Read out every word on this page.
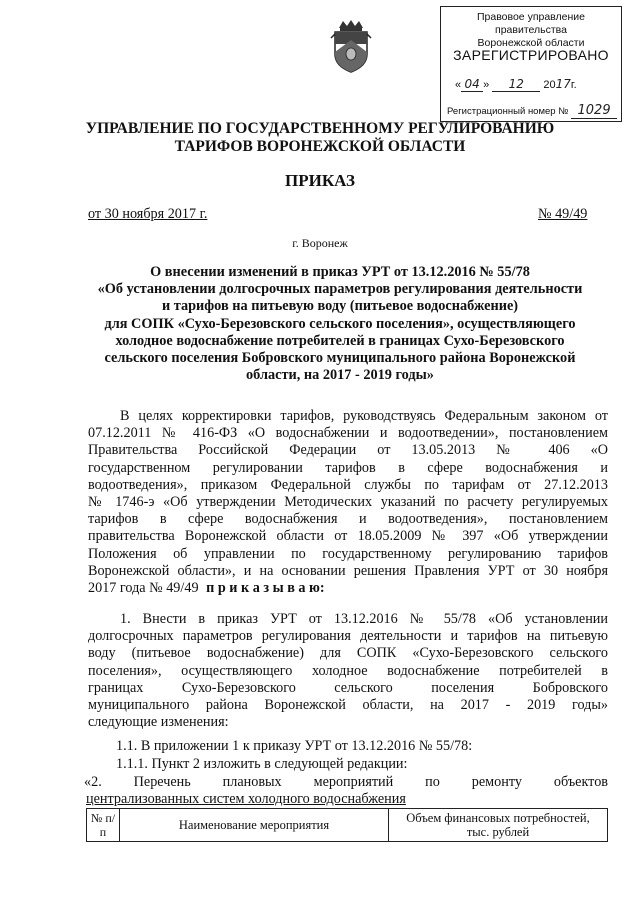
Правовое управление правительства
Воронежской области
ЗАРЕГИСТРИРОВАНО
« 04 » 12 2017г.
Регистрационный номер № 1029
УПРАВЛЕНИЕ ПО ГОСУДАРСТВЕННОМУ РЕГУЛИРОВАНИЮ
ТАРИФОВ ВОРОНЕЖСКОЙ ОБЛАСТИ
ПРИКАЗ
от 30 ноября 2017 г.	№ 49/49
г. Воронеж
О внесении изменений в приказ УРТ от 13.12.2016 № 55/78
«Об установлении долгосрочных параметров регулирования деятельности
и тарифов на питьевую воду (питьевое водоснабжение)
для СОПК «Сухо-Березовского сельского поселения», осуществляющего
холодное водоснабжение потребителей в границах Сухо-Березовского
сельского поселения Бобровского муниципального района Воронежской
области, на 2017 - 2019 годы»
В целях корректировки тарифов, руководствуясь Федеральным законом от
07.12.2011 № 416-ФЗ «О водоснабжении и водоотведении», постановлением
Правительства Российской Федерации от 13.05.2013 № 406 «О
государственном регулировании тарифов в сфере водоснабжения и
водоотведения», приказом Федеральной службы по тарифам от 27.12.2013
№ 1746-э «Об утверждении Методических указаний по расчету регулируемых
тарифов в сфере водоснабжения и водоотведения», постановлением
правительства Воронежской области от 18.05.2009 № 397 «Об утверждении
Положения об управлении по государственному регулированию тарифов
Воронежской области», и на основании решения Правления УРТ от 30 ноября
2017 года № 49/49 п р и к а з ы в а ю:
1. Внести в приказ УРТ от 13.12.2016 № 55/78 «Об установлении
долгосрочных параметров регулирования деятельности и тарифов на питьевую
воду (питьевое водоснабжение) для СОПК «Сухо-Березовского сельского
поселения», осуществляющего холодное водоснабжение потребителей в
границах Сухо-Березовского сельского поселения Бобровского
муниципального района Воронежской области, на 2017 - 2019 годы»
следующие изменения:
1.1. В приложении 1 к приказу УРТ от 13.12.2016 № 55/78:
1.1.1. Пункт 2 изложить в следующей редакции:
«2. Перечень плановых мероприятий по ремонту объектов
централизованных систем холодного водоснабжения
№ п/п	Наименование мероприятия	Объем финансовых потребностей,
тыс. рублей
